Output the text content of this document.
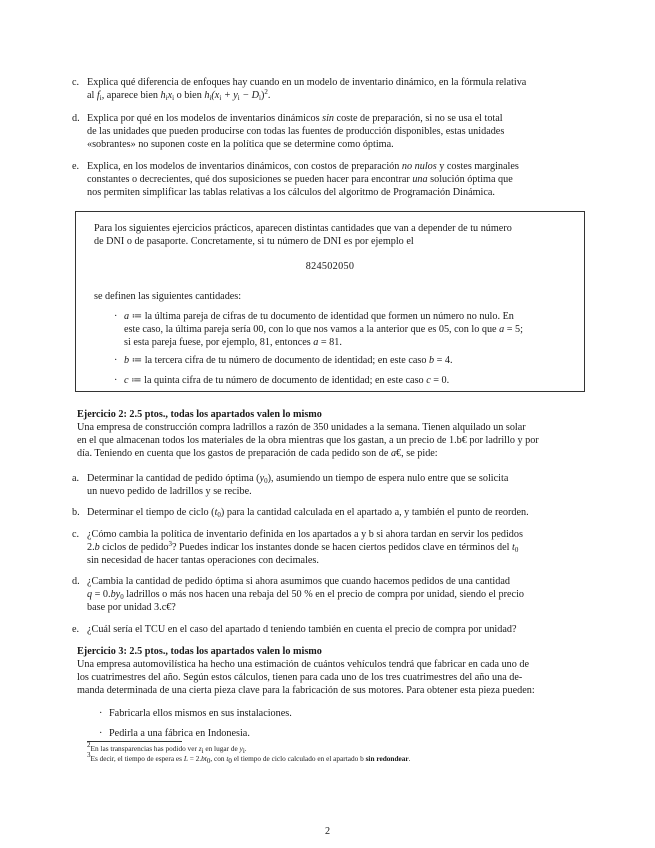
c. Explica qué diferencia de enfoques hay cuando en un modelo de inventario dinámico, en la fórmula relativa
al $f_i$, aparece bien $h_ix_i$ o bien $h_i(x_i + y_i - D_i)^2$.
d. Explica por qué en los modelos de inventarios dinámicos sin coste de preparación, si no se usa el total
de las unidades que pueden producirse con todas las fuentes de producción disponibles, estas unidades
«sobrantes» no suponen coste en la política que se determine como óptima.
e. Explica, en los modelos de inventarios dinámicos, con costos de preparación no nulos y costes marginales
constantes o decrecientes, qué dos suposiciones se pueden hacer para encontrar una solución óptima que
nos permiten simplificar las tablas relativas a los cálculos del algoritmo de Programación Dinámica.
Para los siguientes ejercicios prácticos, aparecen distintas cantidades que van a depender de tu número
de DNI o de pasaporte. Concretamente, si tu número de DNI es por ejemplo el
824502050
se definen las siguientes cantidades:
· a ≔ la última pareja de cifras de tu documento de identidad que formen un número no nulo. En
este caso, la última pareja sería 00, con lo que nos vamos a la anterior que es 05, con lo que a = 5;
si esta pareja fuese, por ejemplo, 81, entonces a = 81.
· b ≔ la tercera cifra de tu número de documento de identidad; en este caso b = 4.
· c ≔ la quinta cifra de tu número de documento de identidad; en este caso c = 0.
Ejercicio 2: 2.5 ptos., todas los apartados valen lo mismo
Una empresa de construcción compra ladrillos a razón de 350 unidades a la semana. Tienen alquilado un solar
en el que almacenan todos los materiales de la obra mientras que los gastan, a un precio de 1.b€ por ladrillo y por
día. Teniendo en cuenta que los gastos de preparación de cada pedido son de a€, se pide:
a. Determinar la cantidad de pedido óptima $(y_0)$, asumiendo un tiempo de espera nulo entre que se solicita
un nuevo pedido de ladrillos y se recibe.
b. Determinar el tiempo de ciclo $(t_0)$ para la cantidad calculada en el apartado a, y también el punto de reorden.
c. ¿Cómo cambia la política de inventario definida en los apartados a y b si ahora tardan en servir los pedidos
2.b ciclos de pedido$^3$? Puedes indicar los instantes donde se hacen ciertos pedidos clave en términos del $t_0$
sin necesidad de hacer tantas operaciones con decimales.
d. ¿Cambia la cantidad de pedido óptima si ahora asumimos que cuando hacemos pedidos de una cantidad
$q = 0.by_0$ ladrillos o más nos hacen una rebaja del 50 % en el precio de compra por unidad, siendo el precio
base por unidad 3.c€?
e. ¿Cuál sería el TCU en el caso del apartado d teniendo también en cuenta el precio de compra por unidad?
Ejercicio 3: 2.5 ptos., todas los apartados valen lo mismo
Una empresa automovilística ha hecho una estimación de cuántos vehículos tendrá que fabricar en cada uno de
los cuatrimestres del año. Según estos cálculos, tienen para cada uno de los tres cuatrimestres del año una de-
manda determinada de una cierta pieza clave para la fabricación de sus motores. Para obtener esta pieza pueden:
· Fabricarla ellos mismos en sus instalaciones.
· Pedirla a una fábrica en Indonesia.
$^2$En las transparencias has podido ver $z_i$ en lugar de $y_i$.
$^3$Es decir, el tiempo de espera es $L = 2.bt_0$, con $t_0$ el tiempo de ciclo calculado en el apartado b sin redondear.
2
